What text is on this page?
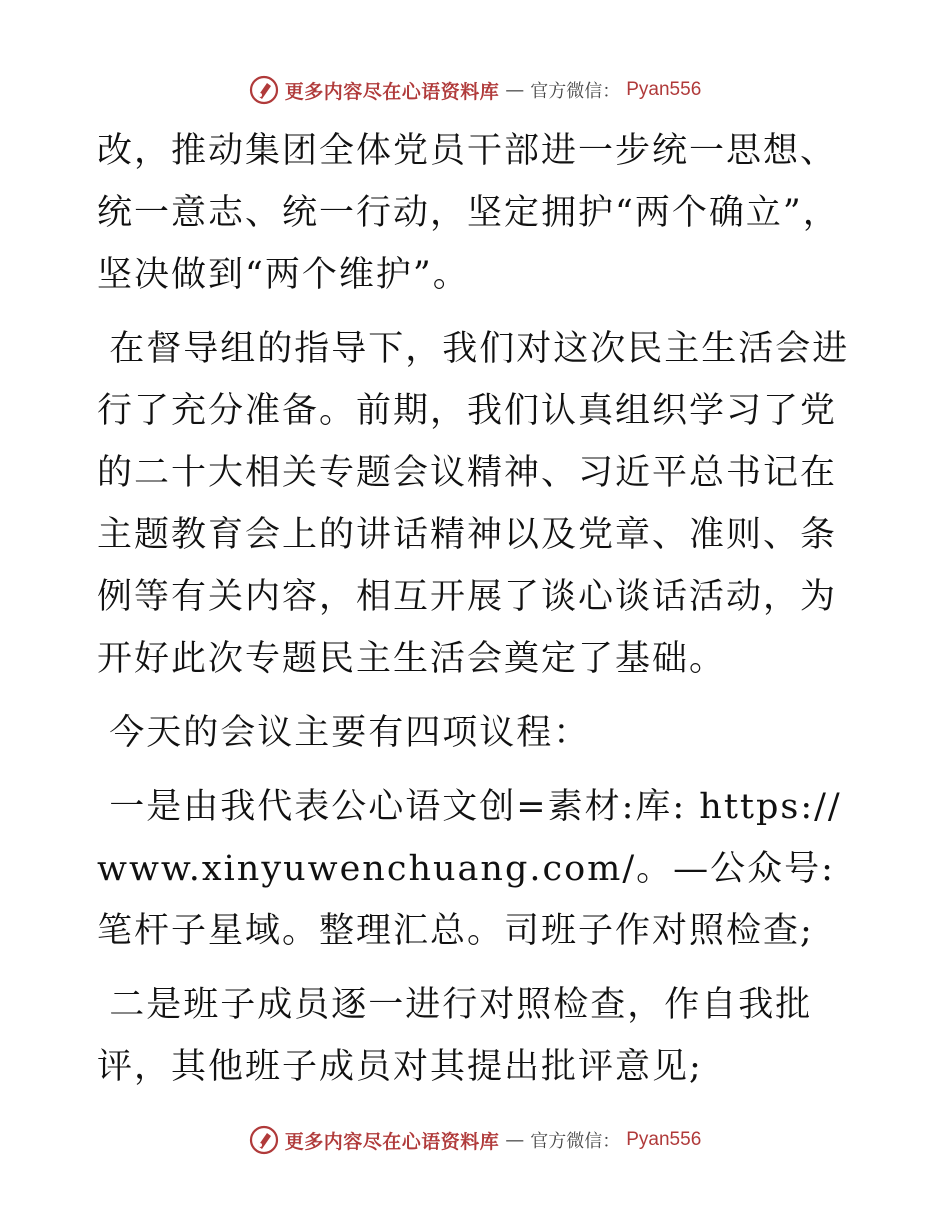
更多内容尽在心语资料库 — 官方微信： Pyan556

改，推动集团全体党员干部进一步统一思想、统一意志、统一行动，坚定拥护“两个确立”，坚决做到“两个维护”。

在督导组的指导下，我们对这次民主生活会进行了充分准备。前期，我们认真组织学习了党的二十大相关专题会议精神、习近平总书记在主题教育会上的讲话精神以及党章、准则、条例等有关内容，相互开展了谈心谈话活动，为开好此次专题民主生活会奠定了基础。

今天的会议主要有四项议程：

一是由我代表公心语文创=素材:库: https://www.xinyuwenchuang.com/。—公众号: 笔杆子星域。整理汇总。司班子作对照检查;

二是班子成员逐一进行对照检查，作自我批评，其他班子成员对其提出批评意见;

更多内容尽在心语资料库 — 官方微信： Pyan556
